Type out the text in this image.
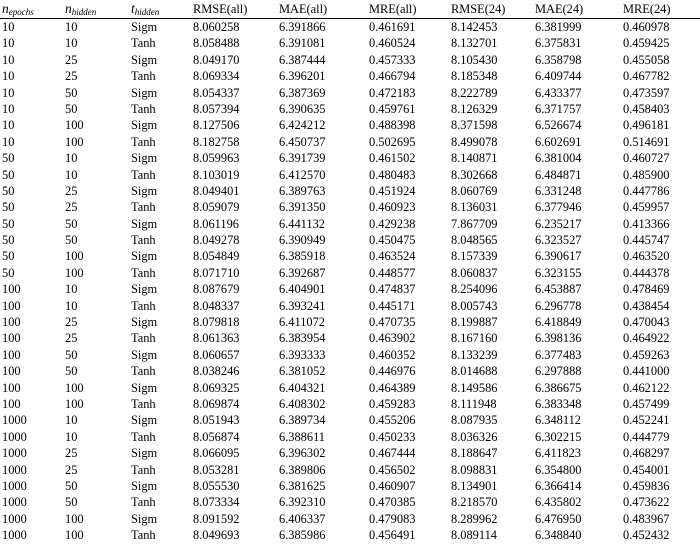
$n_{epochs}$	$n_{hidden}$	$t_{hidden}$	RMSE(all)	MAE(all)	MRE(all)	RMSE(24)	MAE(24)	MRE(24)
10	10	Sigm	8.060258	6.391866	0.461691	8.142453	6.381999	0.460978
10	10	Tanh	8.058488	6.391081	0.460524	8.132701	6.375831	0.459425
10	25	Sigm	8.049170	6.387444	0.457333	8.105430	6.358798	0.455058
10	25	Tanh	8.069334	6.396201	0.466794	8.185348	6.409744	0.467782
10	50	Sigm	8.054337	6.387369	0.472183	8.222789	6.433377	0.473597
10	50	Tanh	8.057394	6.390635	0.459761	8.126329	6.371757	0.458403
10	100	Sigm	8.127506	6.424212	0.488398	8.371598	6.526674	0.496181
10	100	Tanh	8.182758	6.450737	0.502695	8.499078	6.602691	0.514691
50	10	Sigm	8.059963	6.391739	0.461502	8.140871	6.381004	0.460727
50	10	Tanh	8.103019	6.412570	0.480483	8.302668	6.484871	0.485900
50	25	Sigm	8.049401	6.389763	0.451924	8.060769	6.331248	0.447786
50	25	Tanh	8.059079	6.391350	0.460923	8.136031	6.377946	0.459957
50	50	Sigm	8.061196	6.441132	0.429238	7.867709	6.235217	0.413366
50	50	Tanh	8.049278	6.390949	0.450475	8.048565	6.323527	0.445747
50	100	Sigm	8.054849	6.385918	0.463524	8.157339	6.390617	0.463520
50	100	Tanh	8.071710	6.392687	0.448577	8.060837	6.323155	0.444378
100	10	Sigm	8.087679	6.404901	0.474837	8.254096	6.453887	0.478469
100	10	Tanh	8.048337	6.393241	0.445171	8.005743	6.296778	0.438454
100	25	Sigm	8.079818	6.411072	0.470735	8.199887	6.418849	0.470043
100	25	Tanh	8.061363	6.383954	0.463902	8.167160	6.398136	0.464922
100	50	Sigm	8.060657	6.393333	0.460352	8.133239	6.377483	0.459263
100	50	Tanh	8.038246	6.381052	0.446976	8.014688	6.297888	0.441000
100	100	Sigm	8.069325	6.404321	0.464389	8.149586	6.386675	0.462122
100	100	Tanh	8.069874	6.408302	0.459283	8.111948	6.383348	0.457499
1000	10	Sigm	8.051943	6.389734	0.455206	8.087935	6.348112	0.452241
1000	10	Tanh	8.056874	6.388611	0.450233	8.036326	6.302215	0.444779
1000	25	Sigm	8.066095	6.396302	0.467444	8.188647	6.411823	0.468297
1000	25	Tanh	8.053281	6.389806	0.456502	8.098831	6.354800	0.454001
1000	50	Sigm	8.055530	6.381625	0.460907	8.134901	6.366414	0.459836
1000	50	Tanh	8.073334	6.392310	0.470385	8.218570	6.435802	0.473622
1000	100	Sigm	8.091592	6.406337	0.479083	8.289962	6.476950	0.483967
1000	100	Tanh	8.049693	6.385986	0.456491	8.089114	6.348840	0.452432
